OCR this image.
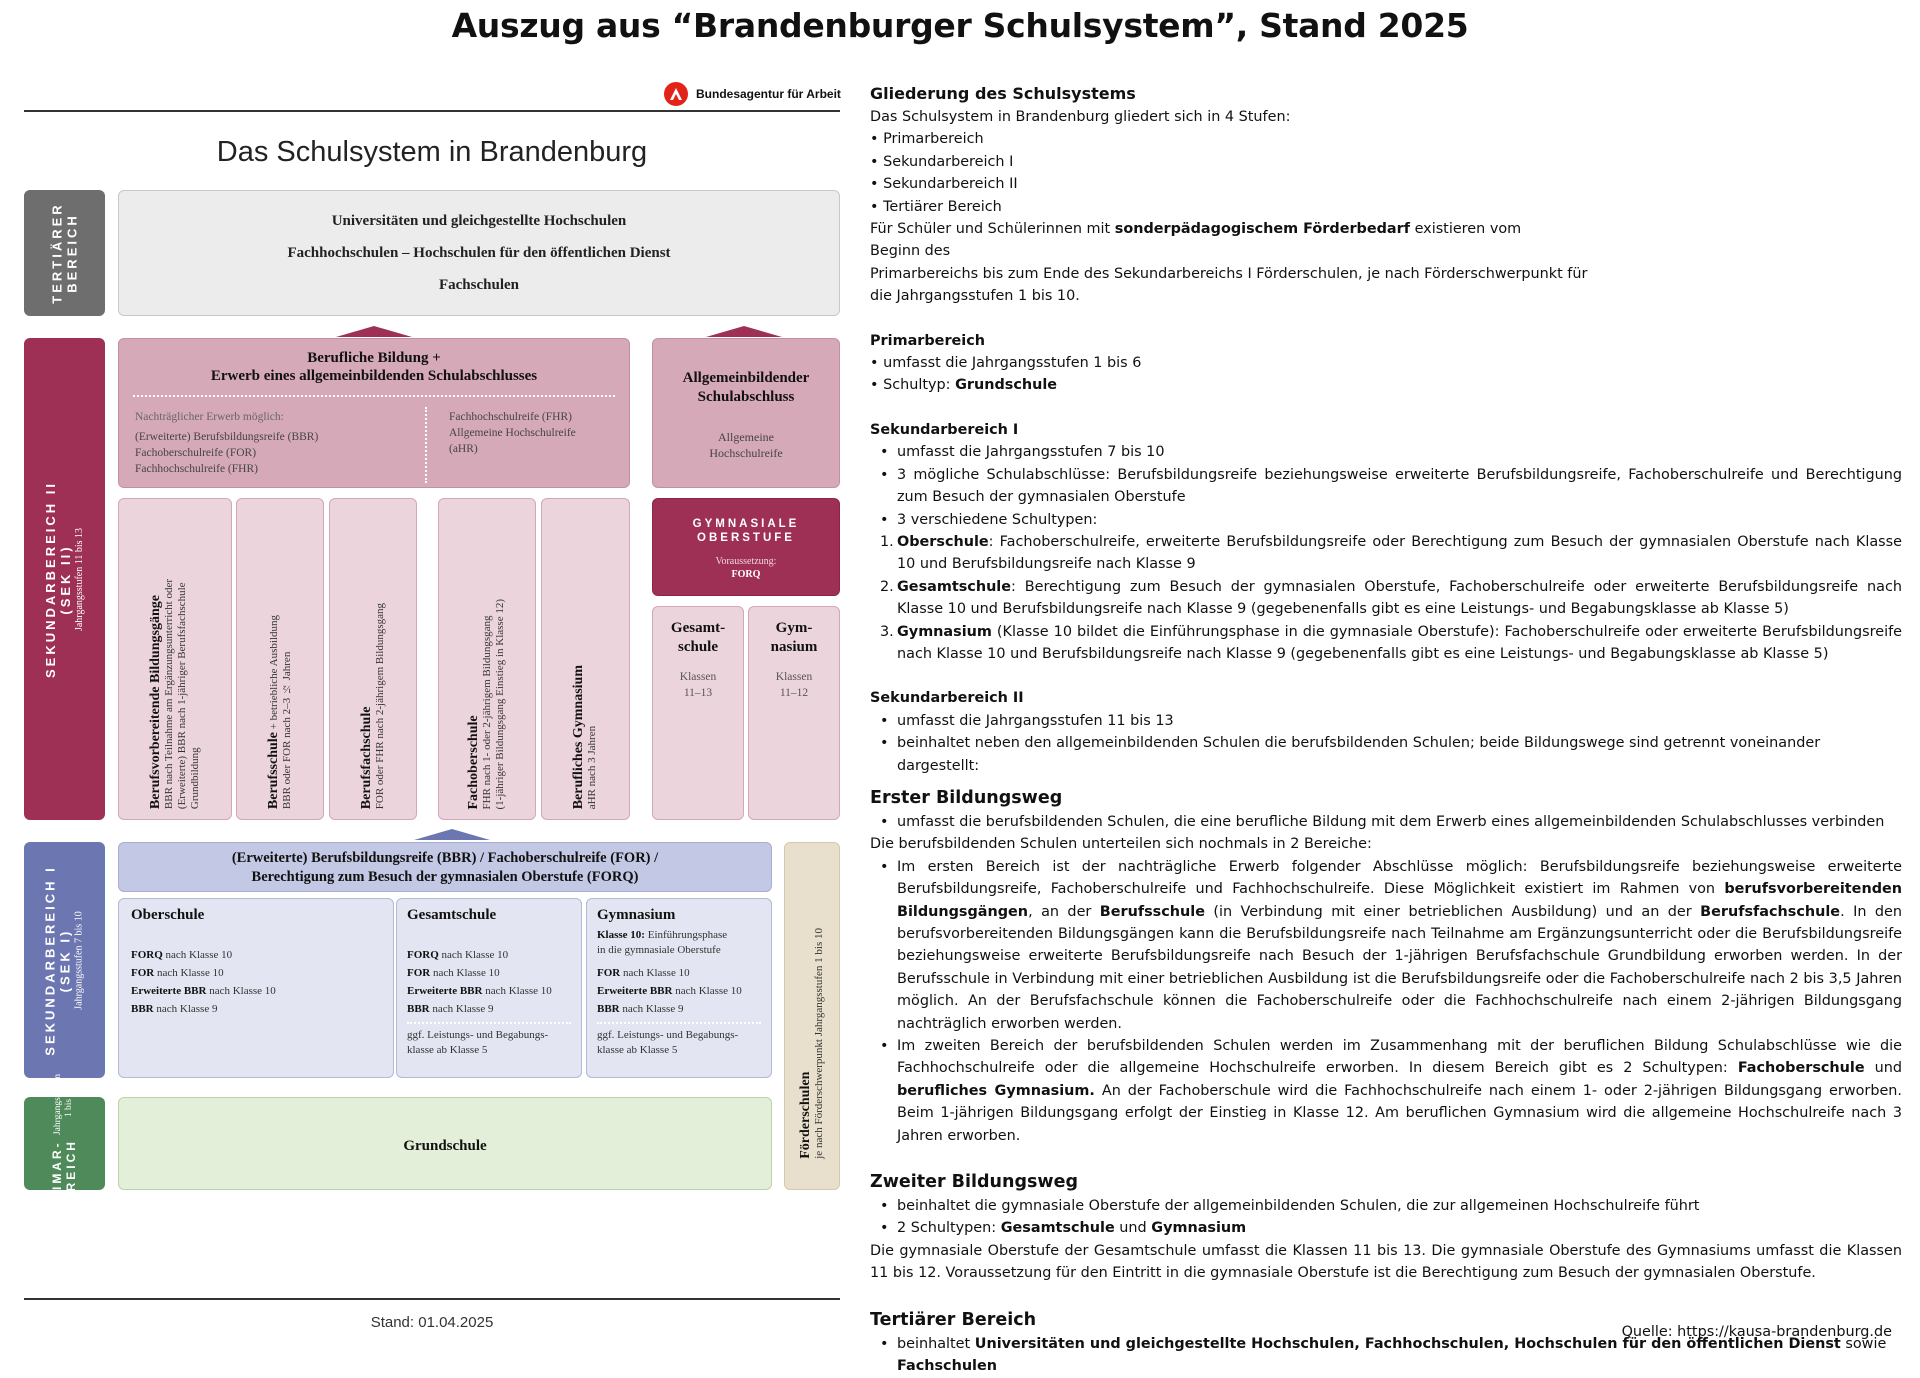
Auszug aus “Brandenburger Schulsystem”, Stand 2025
Bundesagentur für Arbeit
Das Schulsystem in Brandenburg
TERTIÄRER BEREICH	Universitäten und gleichgestellte Hochschulen
Fachhochschulen – Hochschulen für den öffentlichen Dienst
Fachschulen
SEKUNDARBEREICH II (SEK II) Jahrgangsstufen 11 bis 13
Berufliche Bildung +
Erwerb eines allgemeinbildenden Schulabschlusses
Nachträglicher Erwerb möglich:
(Erweiterte) Berufsbildungsreife (BBR)
Fachoberschulreife (FOR)
Fachhochschulreife (FHR)
Fachhochschulreife (FHR)
Allgemeine Hochschulreife
(aHR)
Allgemeinbildender
Schulabschluss
Allgemeine
Hochschulreife
Berufsvorbereitende Bildungsgänge
BBR nach Teilnahme am Ergänzungsunterricht oder
(Erweiterte) BBR nach 1-jähriger Berufsfachschule
Grundbildung	Berufsschule + betriebliche Ausbildung
BBR oder FOR nach 2–3 ½ Jahren	Berufsfachschule
FOR oder FHR nach 2-jährigem Bildungsgang	Fachoberschule
FHR nach 1- oder 2-jährigem Bildungsgang
(1-jähriger Bildungsgang Einstieg in Klasse 12)	Berufliches Gymnasium
aHR nach 3 Jahren
GYMNASIALE
OBERSTUFE
Voraussetzung:
FORQ
Gesamt-
schule
Klassen
11–13
Gym-
nasium
Klassen
11–12
SEKUNDARBEREICH I (SEK I) Jahrgangsstufen 7 bis 10
(Erweiterte) Berufsbildungsreife (BBR) / Fachoberschulreife (FOR) /
Berechtigung zum Besuch der gymnasialen Oberstufe (FORQ)
Oberschule
FORQ nach Klasse 10
FOR nach Klasse 10
Erweiterte BBR nach Klasse 10
BBR nach Klasse 9
Gesamtschule
FORQ nach Klasse 10
FOR nach Klasse 10
Erweiterte BBR nach Klasse 10
BBR nach Klasse 9
ggf. Leistungs- und Begabungs-
klasse ab Klasse 5
Gymnasium
Klasse 10: Einführungsphase
in die gymnasiale Oberstufe
FOR nach Klasse 10
Erweiterte BBR nach Klasse 10
BBR nach Klasse 9
ggf. Leistungs- und Begabungs-
klasse ab Klasse 5
Förderschulen
je nach Förderschwerpunkt Jahrgangsstufen 1 bis 10
PRIMAR- BEREICH
Jahrgangsstufen 1 bis 6
Grundschule
Stand: 01.04.2025
Gliederung des Schulsystems
Das Schulsystem in Brandenburg gliedert sich in 4 Stufen:
• Primarbereich
• Sekundarbereich I
• Sekundarbereich II
• Tertiärer Bereich
Für Schüler und Schülerinnen mit sonderpädagogischem Förderbedarf existieren vom Beginn des
Primarbereichs bis zum Ende des Sekundarbereichs I Förderschulen, je nach Förderschwerpunkt für
die Jahrgangsstufen 1 bis 10.
Primarbereich
• umfasst die Jahrgangsstufen 1 bis 6
• Schultyp: Grundschule
Sekundarbereich I
• umfasst die Jahrgangsstufen 7 bis 10
• 3 mögliche Schulabschlüsse: Berufsbildungsreife beziehungsweise erweiterte Berufsbildungsreife, Fachoberschulreife und Berechtigung zum Besuch der gymnasialen Oberstufe
• 3 verschiedene Schultypen:
1. Oberschule: Fachoberschulreife, erweiterte Berufsbildungsreife oder Berechtigung zum Besuch der gymnasialen Oberstufe nach Klasse 10 und Berufsbildungsreife nach Klasse 9
2. Gesamtschule: Berechtigung zum Besuch der gymnasialen Oberstufe, Fachoberschulreife oder erweiterte Berufsbildungsreife nach Klasse 10 und Berufsbildungsreife nach Klasse 9 (gegebenenfalls gibt es eine Leistungs- und Begabungsklasse ab Klasse 5)
3. Gymnasium (Klasse 10 bildet die Einführungsphase in die gymnasiale Oberstufe): Fachoberschulreife oder erweiterte Berufsbildungsreife nach Klasse 10 und Berufsbildungsreife nach Klasse 9 (gegebenenfalls gibt es eine Leistungs- und Begabungsklasse ab Klasse 5)
Sekundarbereich II
• umfasst die Jahrgangsstufen 11 bis 13
• beinhaltet neben den allgemeinbildenden Schulen die berufsbildenden Schulen; beide Bildungswege sind getrennt voneinander dargestellt:
Erster Bildungsweg
• umfasst die berufsbildenden Schulen, die eine berufliche Bildung mit dem Erwerb eines allgemeinbildenden Schulabschlusses verbinden
Die berufsbildenden Schulen unterteilen sich nochmals in 2 Bereiche:
• Im ersten Bereich ist der nachträgliche Erwerb folgender Abschlüsse möglich: Berufsbildungsreife beziehungsweise erweiterte Berufsbildungsreife, Fachoberschulreife und Fachhochschulreife. Diese Möglichkeit existiert im Rahmen von berufsvorbereitenden Bildungsgängen, an der Berufsschule (in Verbindung mit einer betrieblichen Ausbildung) und an der Berufsfachschule. In den berufsvorbereitenden Bildungsgängen kann die Berufsbildungsreife nach Teilnahme am Ergänzungsunterricht oder die Berufsbildungsreife beziehungsweise erweiterte Berufsbildungsreife nach Besuch der 1-jährigen Berufsfachschule Grundbildung erworben werden. In der Berufsschule in Verbindung mit einer betrieblichen Ausbildung ist die Berufsbildungsreife oder die Fachoberschulreife nach 2 bis 3,5 Jahren möglich. An der Berufsfachschule können die Fachoberschulreife oder die Fachhochschulreife nach einem 2-jährigen Bildungsgang nachträglich erworben werden.
• Im zweiten Bereich der berufsbildenden Schulen werden im Zusammenhang mit der beruflichen Bildung Schulabschlüsse wie die Fachhochschulreife oder die allgemeine Hochschulreife erworben. In diesem Bereich gibt es 2 Schultypen: Fachoberschule und berufliches Gymnasium. An der Fachoberschule wird die Fachhochschulreife nach einem 1- oder 2-jährigen Bildungsgang erworben. Beim 1-jährigen Bildungsgang erfolgt der Einstieg in Klasse 12. Am beruflichen Gymnasium wird die allgemeine Hochschulreife nach 3 Jahren erworben.
Zweiter Bildungsweg
• beinhaltet die gymnasiale Oberstufe der allgemeinbildenden Schulen, die zur allgemeinen Hochschulreife führt
• 2 Schultypen: Gesamtschule und Gymnasium
Die gymnasiale Oberstufe der Gesamtschule umfasst die Klassen 11 bis 13. Die gymnasiale Oberstufe des Gymnasiums umfasst die Klassen 11 bis 12. Voraussetzung für den Eintritt in die gymnasiale Oberstufe ist die Berechtigung zum Besuch der gymnasialen Oberstufe.
Tertiärer Bereich
• beinhaltet Universitäten und gleichgestellte Hochschulen, Fachhochschulen, Hochschulen für den öffentlichen Dienst sowie Fachschulen
Quelle: https://kausa-brandenburg.de
